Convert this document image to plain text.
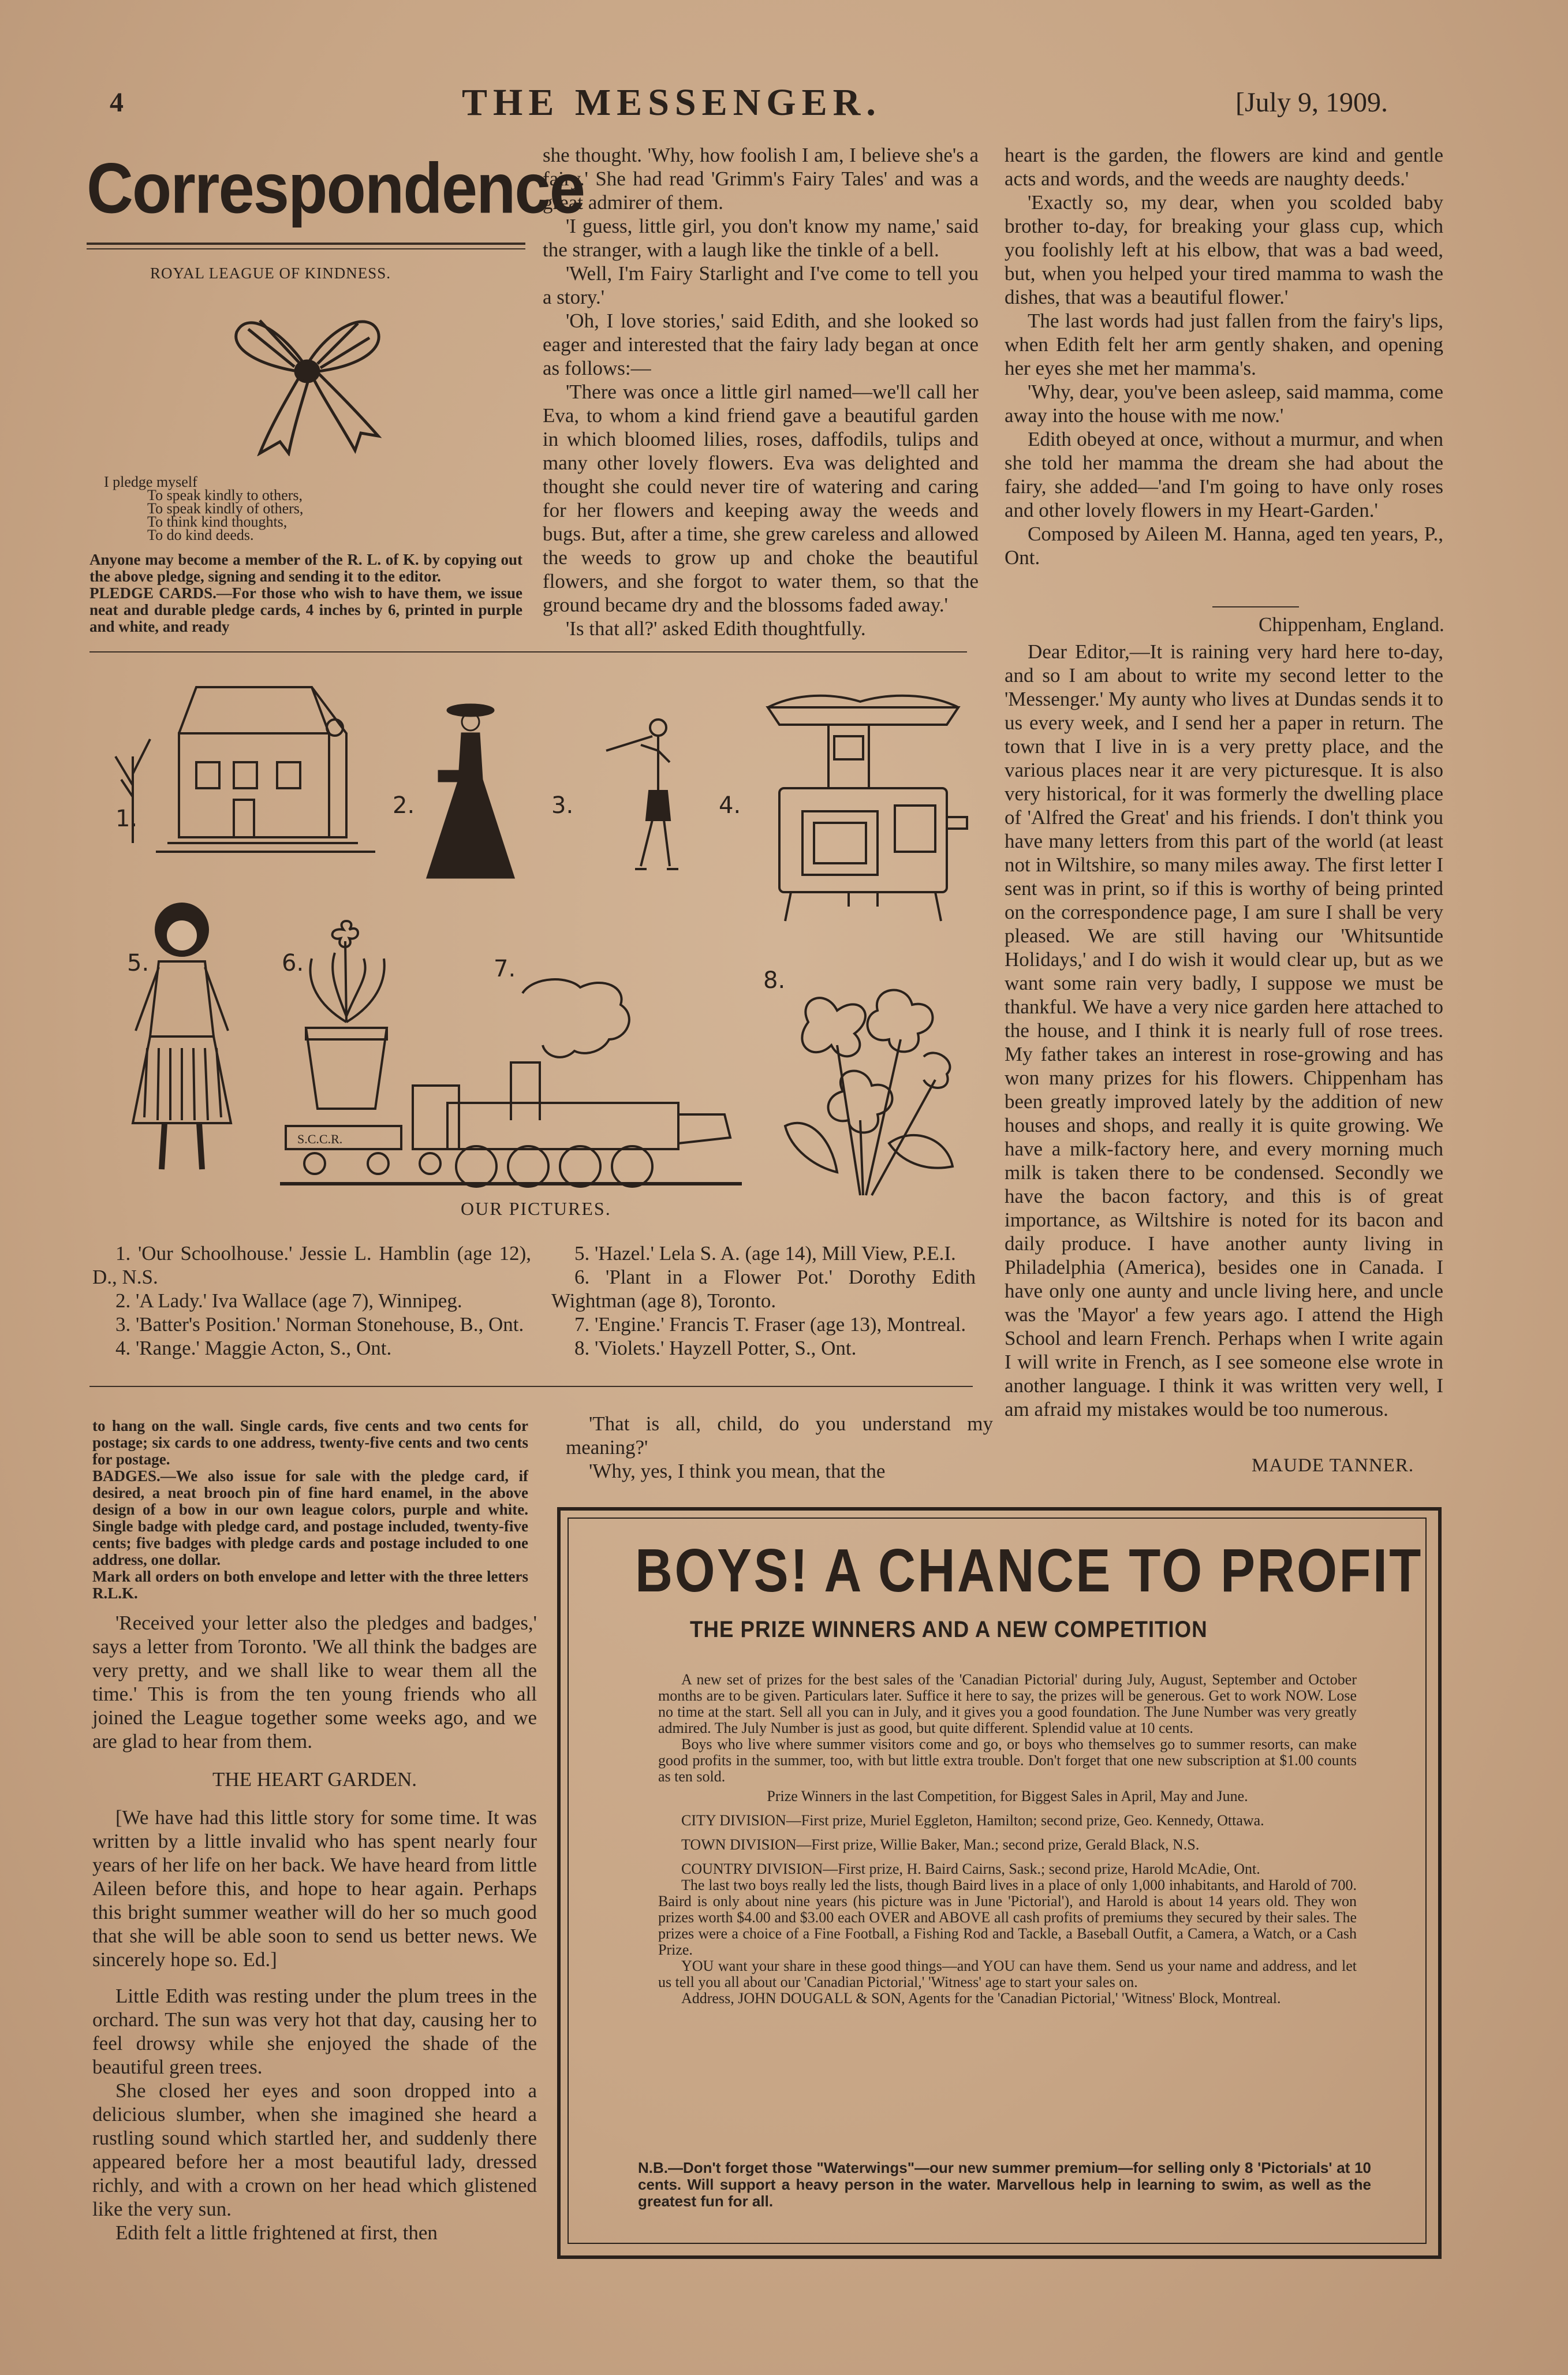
4	THE MESSENGER.	[July 9, 1909.
Correspondence
ROYAL LEAGUE OF KINDNESS.
I pledge myself
To speak kindly to others,
To speak kindly of others,
To think kind thoughts,
To do kind deeds.
Anyone may become a member of the R. L. of K. by copying out the above pledge, signing and sending it to the editor.
PLEDGE CARDS.—For those who wish to have them, we issue neat and durable pledge cards, 4 inches by 6, printed in purple and white, and ready

she thought. 'Why, how foolish I am, I believe she's a fairy.' She had read 'Grimm's Fairy Tales' and was a great admirer of them.

'I guess, little girl, you don't know my name,' said the stranger, with a laugh like the tinkle of a bell.

'Well, I'm Fairy Starlight and I've come to tell you a story.'

'Oh, I love stories,' said Edith, and she looked so eager and interested that the fairy lady began at once as follows:—

'There was once a little girl named—we'll call her Eva, to whom a kind friend gave a beautiful garden in which bloomed lilies, roses, daffodils, tulips and many other lovely flowers. Eva was delighted and thought she could never tire of watering and caring for her flowers and keeping away the weeds and bugs. But, after a time, she grew careless and allowed the weeds to grow up and choke the beautiful flowers, and she forgot to water them, so that the ground became dry and the blossoms faded away.'

'Is that all?' asked Edith thoughtfully.

heart is the garden, the flowers are kind and gentle acts and words, and the weeds are naughty deeds.'

'Exactly so, my dear, when you scolded baby brother to-day, for breaking your glass cup, which you foolishly left at his elbow, that was a bad weed, but, when you helped your tired mamma to wash the dishes, that was a beautiful flower.'

The last words had just fallen from the fairy's lips, when Edith felt her arm gently shaken, and opening her eyes she met her mamma's.

'Why, dear, you've been asleep, said mamma, come away into the house with me now.'

Edith obeyed at once, without a murmur, and when she told her mamma the dream she had about the fairy, she added—'and I'm going to have only roses and other lovely flowers in my Heart-Garden.'

Composed by Aileen M. Hanna, aged ten years, P., Ont.

Chippenham, England.

Dear Editor,—It is raining very hard here to-day, and so I am about to write my second letter to the 'Messenger.' My aunty who lives at Dundas sends it to us every week, and I send her a paper in return. The town that I live in is a very pretty place, and the various places near it are very picturesque. It is also very historical, for it was formerly the dwelling place of 'Alfred the Great' and his friends. I don't think you have many letters from this part of the world (at least not in Wiltshire, so many miles away. The first letter I sent was in print, so if this is worthy of being printed on the correspondence page, I am sure I shall be very pleased. We are still having our 'Whitsuntide Holidays,' and I do wish it would clear up, but as we want some rain very badly, I suppose we must be thankful. We have a very nice garden here attached to the house, and I think it is nearly full of rose trees. My father takes an interest in rose-growing and has won many prizes for his flowers. Chippenham has been greatly improved lately by the addition of new houses and shops, and really it is quite growing. We have a milk-factory here, and every morning much milk is taken there to be condensed. Secondly we have the bacon factory, and this is of great importance, as Wiltshire is noted for its bacon and daily produce. I have another aunty living in Philadelphia (America), besides one in Canada. I have only one aunty and uncle living here, and uncle was the 'Mayor' a few years ago. I attend the High School and learn French. Perhaps when I write again I will write in French, as I see someone else wrote in another language. I think it was written very well, I am afraid my mistakes would be too numerous.

MAUDE TANNER.
1.	2.	3.	4.
5.	6.
S.C.C.R.
7.	8.
OUR PICTURES.

1. 'Our Schoolhouse.' Jessie L. Hamblin (age 12), D., N.S.

2. 'A Lady.' Iva Wallace (age 7), Winnipeg.

3. 'Batter's Position.' Norman Stonehouse, B., Ont.

4. 'Range.' Maggie Acton, S., Ont.

5. 'Hazel.' Lela S. A. (age 14), Mill View, P.E.I.

6. 'Plant in a Flower Pot.' Dorothy Edith Wightman (age 8), Toronto.

7. 'Engine.' Francis T. Fraser (age 13), Montreal.

8. 'Violets.' Hayzell Potter, S., Ont.

to hang on the wall. Single cards, five cents and two cents for postage; six cards to one address, twenty-five cents and two cents for postage.
BADGES.—We also issue for sale with the pledge card, if desired, a neat brooch pin of fine hard enamel, in the above design of a bow in our own league colors, purple and white. Single badge with pledge card, and postage included, twenty-five cents; five badges with pledge cards and postage included to one address, one dollar.
Mark all orders on both envelope and letter with the three letters R.L.K.

'Received your letter also the pledges and badges,' says a letter from Toronto. 'We all think the badges are very pretty, and we shall like to wear them all the time.' This is from the ten young friends who all joined the League together some weeks ago, and we are glad to hear from them.

THE HEART GARDEN.

[We have had this little story for some time. It was written by a little invalid who has spent nearly four years of her life on her back. We have heard from little Aileen before this, and hope to hear again. Perhaps this bright summer weather will do her so much good that she will be able soon to send us better news. We sincerely hope so. Ed.]

Little Edith was resting under the plum trees in the orchard. The sun was very hot that day, causing her to feel drowsy while she enjoyed the shade of the beautiful green trees.

She closed her eyes and soon dropped into a delicious slumber, when she imagined she heard a rustling sound which startled her, and suddenly there appeared before her a most beautiful lady, dressed richly, and with a crown on her head which glistened like the very sun.

Edith felt a little frightened at first, then

'That is all, child, do you understand my meaning?'

'Why, yes, I think you mean, that the

BOYS! A CHANCE TO PROFIT
THE PRIZE WINNERS AND A NEW COMPETITION

A new set of prizes for the best sales of the 'Canadian Pictorial' during July, August, September and October months are to be given. Particulars later. Suffice it here to say, the prizes will be generous. Get to work NOW. Lose no time at the start. Sell all you can in July, and it gives you a good foundation. The June Number was very greatly admired. The July Number is just as good, but quite different. Splendid value at 10 cents.

Boys who live where summer visitors come and go, or boys who themselves go to summer resorts, can make good profits in the summer, too, with but little extra trouble. Don't forget that one new subscription at $1.00 counts as ten sold.

Prize Winners in the last Competition, for Biggest Sales in April, May and June.

CITY DIVISION—First prize, Muriel Eggleton, Hamilton; second prize, Geo. Kennedy, Ottawa.

TOWN DIVISION—First prize, Willie Baker, Man.; second prize, Gerald Black, N.S.

COUNTRY DIVISION—First prize, H. Baird Cairns, Sask.; second prize, Harold McAdie, Ont.

The last two boys really led the lists, though Baird lives in a place of only 1,000 inhabitants, and Harold of 700. Baird is only about nine years (his picture was in June 'Pictorial'), and Harold is about 14 years old. They won prizes worth $4.00 and $3.00 each OVER and ABOVE all cash profits of premiums they secured by their sales. The prizes were a choice of a Fine Football, a Fishing Rod and Tackle, a Baseball Outfit, a Camera, a Watch, or a Cash Prize.

YOU want your share in these good things—and YOU can have them. Send us your name and address, and let us tell you all about our 'Canadian Pictorial,' 'Witness' age to start your sales on.

Address, JOHN DOUGALL & SON, Agents for the 'Canadian Pictorial,' 'Witness' Block, Montreal.

N.B.—Don't forget those "Waterwings"—our new summer premium—for selling only 8 'Pictorials' at 10 cents. Will support a heavy person in the water. Marvellous help in learning to swim, as well as the greatest fun for all.
